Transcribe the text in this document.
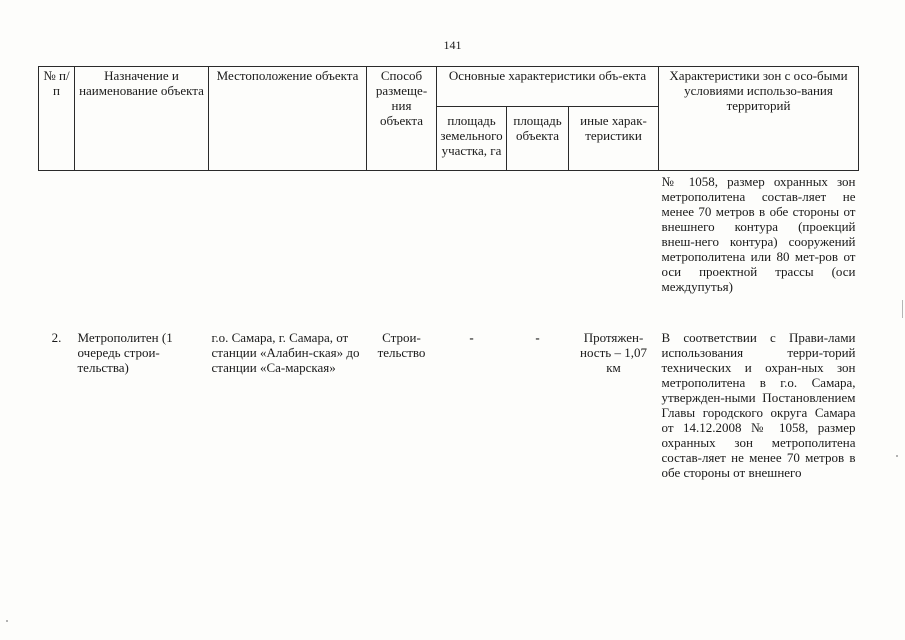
141
№ п/п	Назначение и наименование объекта	Местоположение объекта	Способ размеще-ния объекта	Основные характеристики объ-екта			Характеристики зон с осо-быми условиями использо-вания территорий
				площадь земельного участка, га	площадь объекта	иные харак-теристики	
							№ 1058, размер охранных зон метрополитена состав-ляет не менее 70 метров в обе стороны от внешнего контура (проекций внеш-него контура) сооружений метрополитена или 80 мет-ров от оси проектной трассы (оси междупутья)
2.	Метрополитен (1 очередь строи-тельства)	г.о. Самара, г. Самара, от станции «Алабин-ская» до станции «Са-марская»	Строи-тельство	-	-	Протяжен-ность – 1,07 км	В соответствии с Прави-лами использования терри-торий технических и охран-ных зон метрополитена в г.о. Самара, утвержден-ными Постановлением Главы городского округа Самара от 14.12.2008 № 1058, размер охранных зон метрополитена состав-ляет не менее 70 метров в обе стороны от внешнего
